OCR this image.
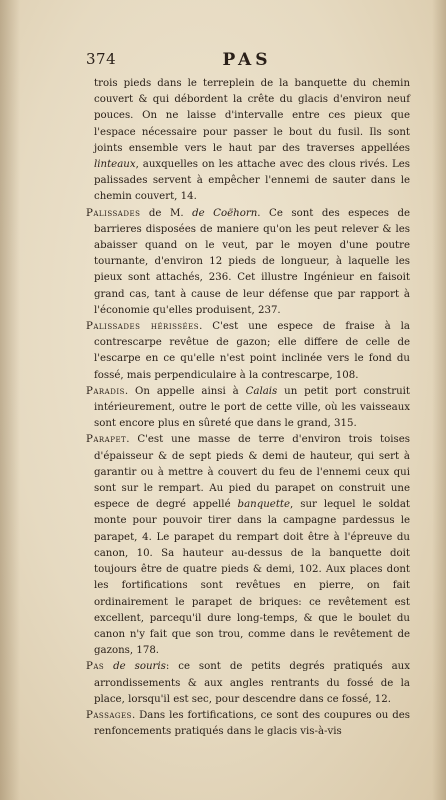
374	PAS

trois pieds dans le terreplein de la banquette du chemin couvert & qui débordent la crête du glacis d'environ neuf pouces. On ne laisse d'intervalle entre ces pieux que l'espace nécessaire pour passer le bout du fusil. Ils sont joints ensemble vers le haut par des traverses appellées linteaux, auxquelles on les attache avec des clous rivés. Les palissades servent à empêcher l'ennemi de sauter dans le chemin couvert, 14.

Palissades de M. de Coëhorn. Ce sont des especes de barrieres disposées de maniere qu'on les peut relever & les abaisser quand on le veut, par le moyen d'une poutre tournante, d'environ 12 pieds de longueur, à laquelle les pieux sont attachés, 236. Cet illustre Ingénieur en faisoit grand cas, tant à cause de leur défense que par rapport à l'économie qu'elles produisent, 237.

Palissades hérissées. C'est une espece de fraise à la contrescarpe revêtue de gazon; elle differe de celle de l'escarpe en ce qu'elle n'est point inclinée vers le fond du fossé, mais perpendiculaire à la contrescarpe, 108.

Paradis. On appelle ainsi à Calais un petit port construit intérieurement, outre le port de cette ville, où les vaisseaux sont encore plus en sûreté que dans le grand, 315.

Parapet. C'est une masse de terre d'environ trois toises d'épaisseur & de sept pieds & demi de hauteur, qui sert à garantir ou à mettre à couvert du feu de l'ennemi ceux qui sont sur le rempart. Au pied du parapet on construit une espece de degré appellé banquette, sur lequel le soldat monte pour pouvoir tirer dans la campagne pardessus le parapet, 4. Le parapet du rempart doit être à l'épreuve du canon, 10. Sa hauteur au-dessus de la banquette doit toujours être de quatre pieds & demi, 102. Aux places dont les fortifications sont revêtues en pierre, on fait ordinairement le parapet de briques: ce revêtement est excellent, parcequ'il dure long-temps, & que le boulet du canon n'y fait que son trou, comme dans le revêtement de gazons, 178.

Pas de souris: ce sont de petits degrés pratiqués aux arrondissements & aux angles rentrants du fossé de la place, lorsqu'il est sec, pour descendre dans ce fossé, 12.

Passages. Dans les fortifications, ce sont des coupures ou des renfoncements pratiqués dans le glacis vis-à-vis
